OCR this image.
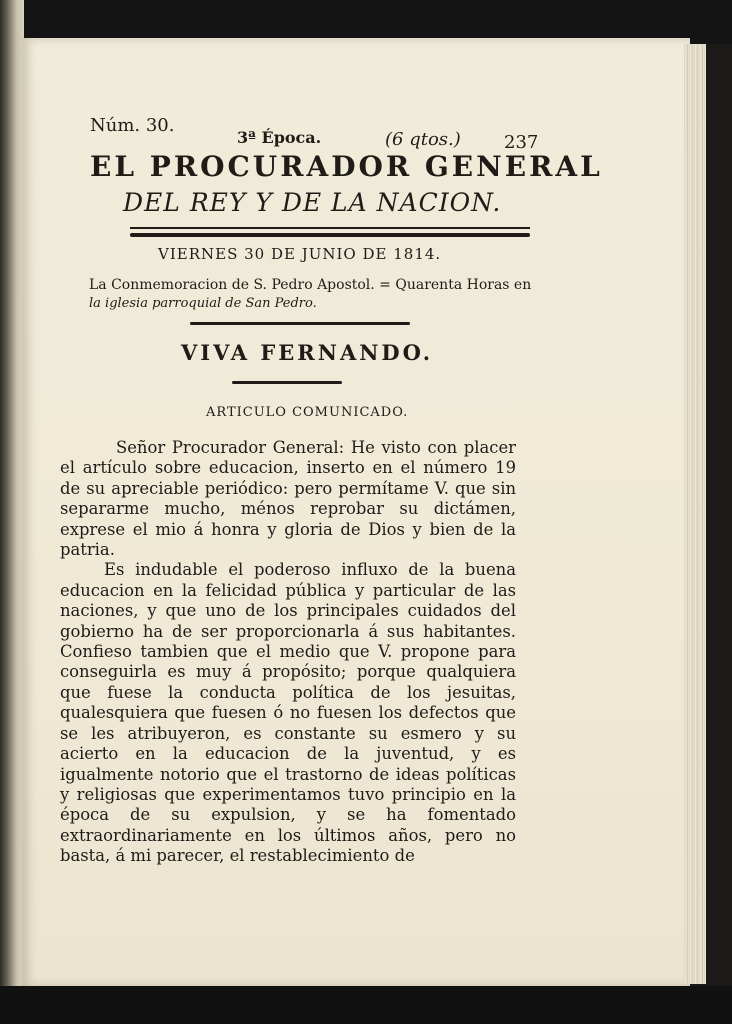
Núm. 30.
3ª Época.	(6 qtos.) 237
EL PROCURADOR GENERAL
DEL REY Y DE LA NACION.
VIERNES 30 DE JUNIO DE 1814.
La Conmemoracion de S. Pedro Apostol. = Quarenta Horas en
la iglesia parroquial de San Pedro.
VIVA FERNANDO.
ARTICULO COMUNICADO.

Señor Procurador General: He visto con placer el artículo sobre educacion, inserto en el número 19 de su apreciable periódico: pero permítame V. que sin separarme mucho, ménos reprobar su dictámen, exprese el mio á honra y gloria de Dios y bien de la patria.

Es indudable el poderoso influxo de la buena educacion en la felicidad pública y particular de las naciones, y que uno de los principales cuidados del gobierno ha de ser proporcionarla á sus habitantes. Confieso tambien que el medio que V. propone para conseguirla es muy á propósito; porque qualquiera que fuese la conducta política de los jesuitas, qualesquiera que fuesen ó no fuesen los defectos que se les atribuyeron, es constante su esmero y su acierto en la educacion de la juventud, y es igualmente notorio que el trastorno de ideas políticas y religiosas que experimentamos tuvo principio en la época de su expulsion, y se ha fomentado extraordinariamente en los últimos años, pero no basta, á mi parecer, el restablecimiento de
